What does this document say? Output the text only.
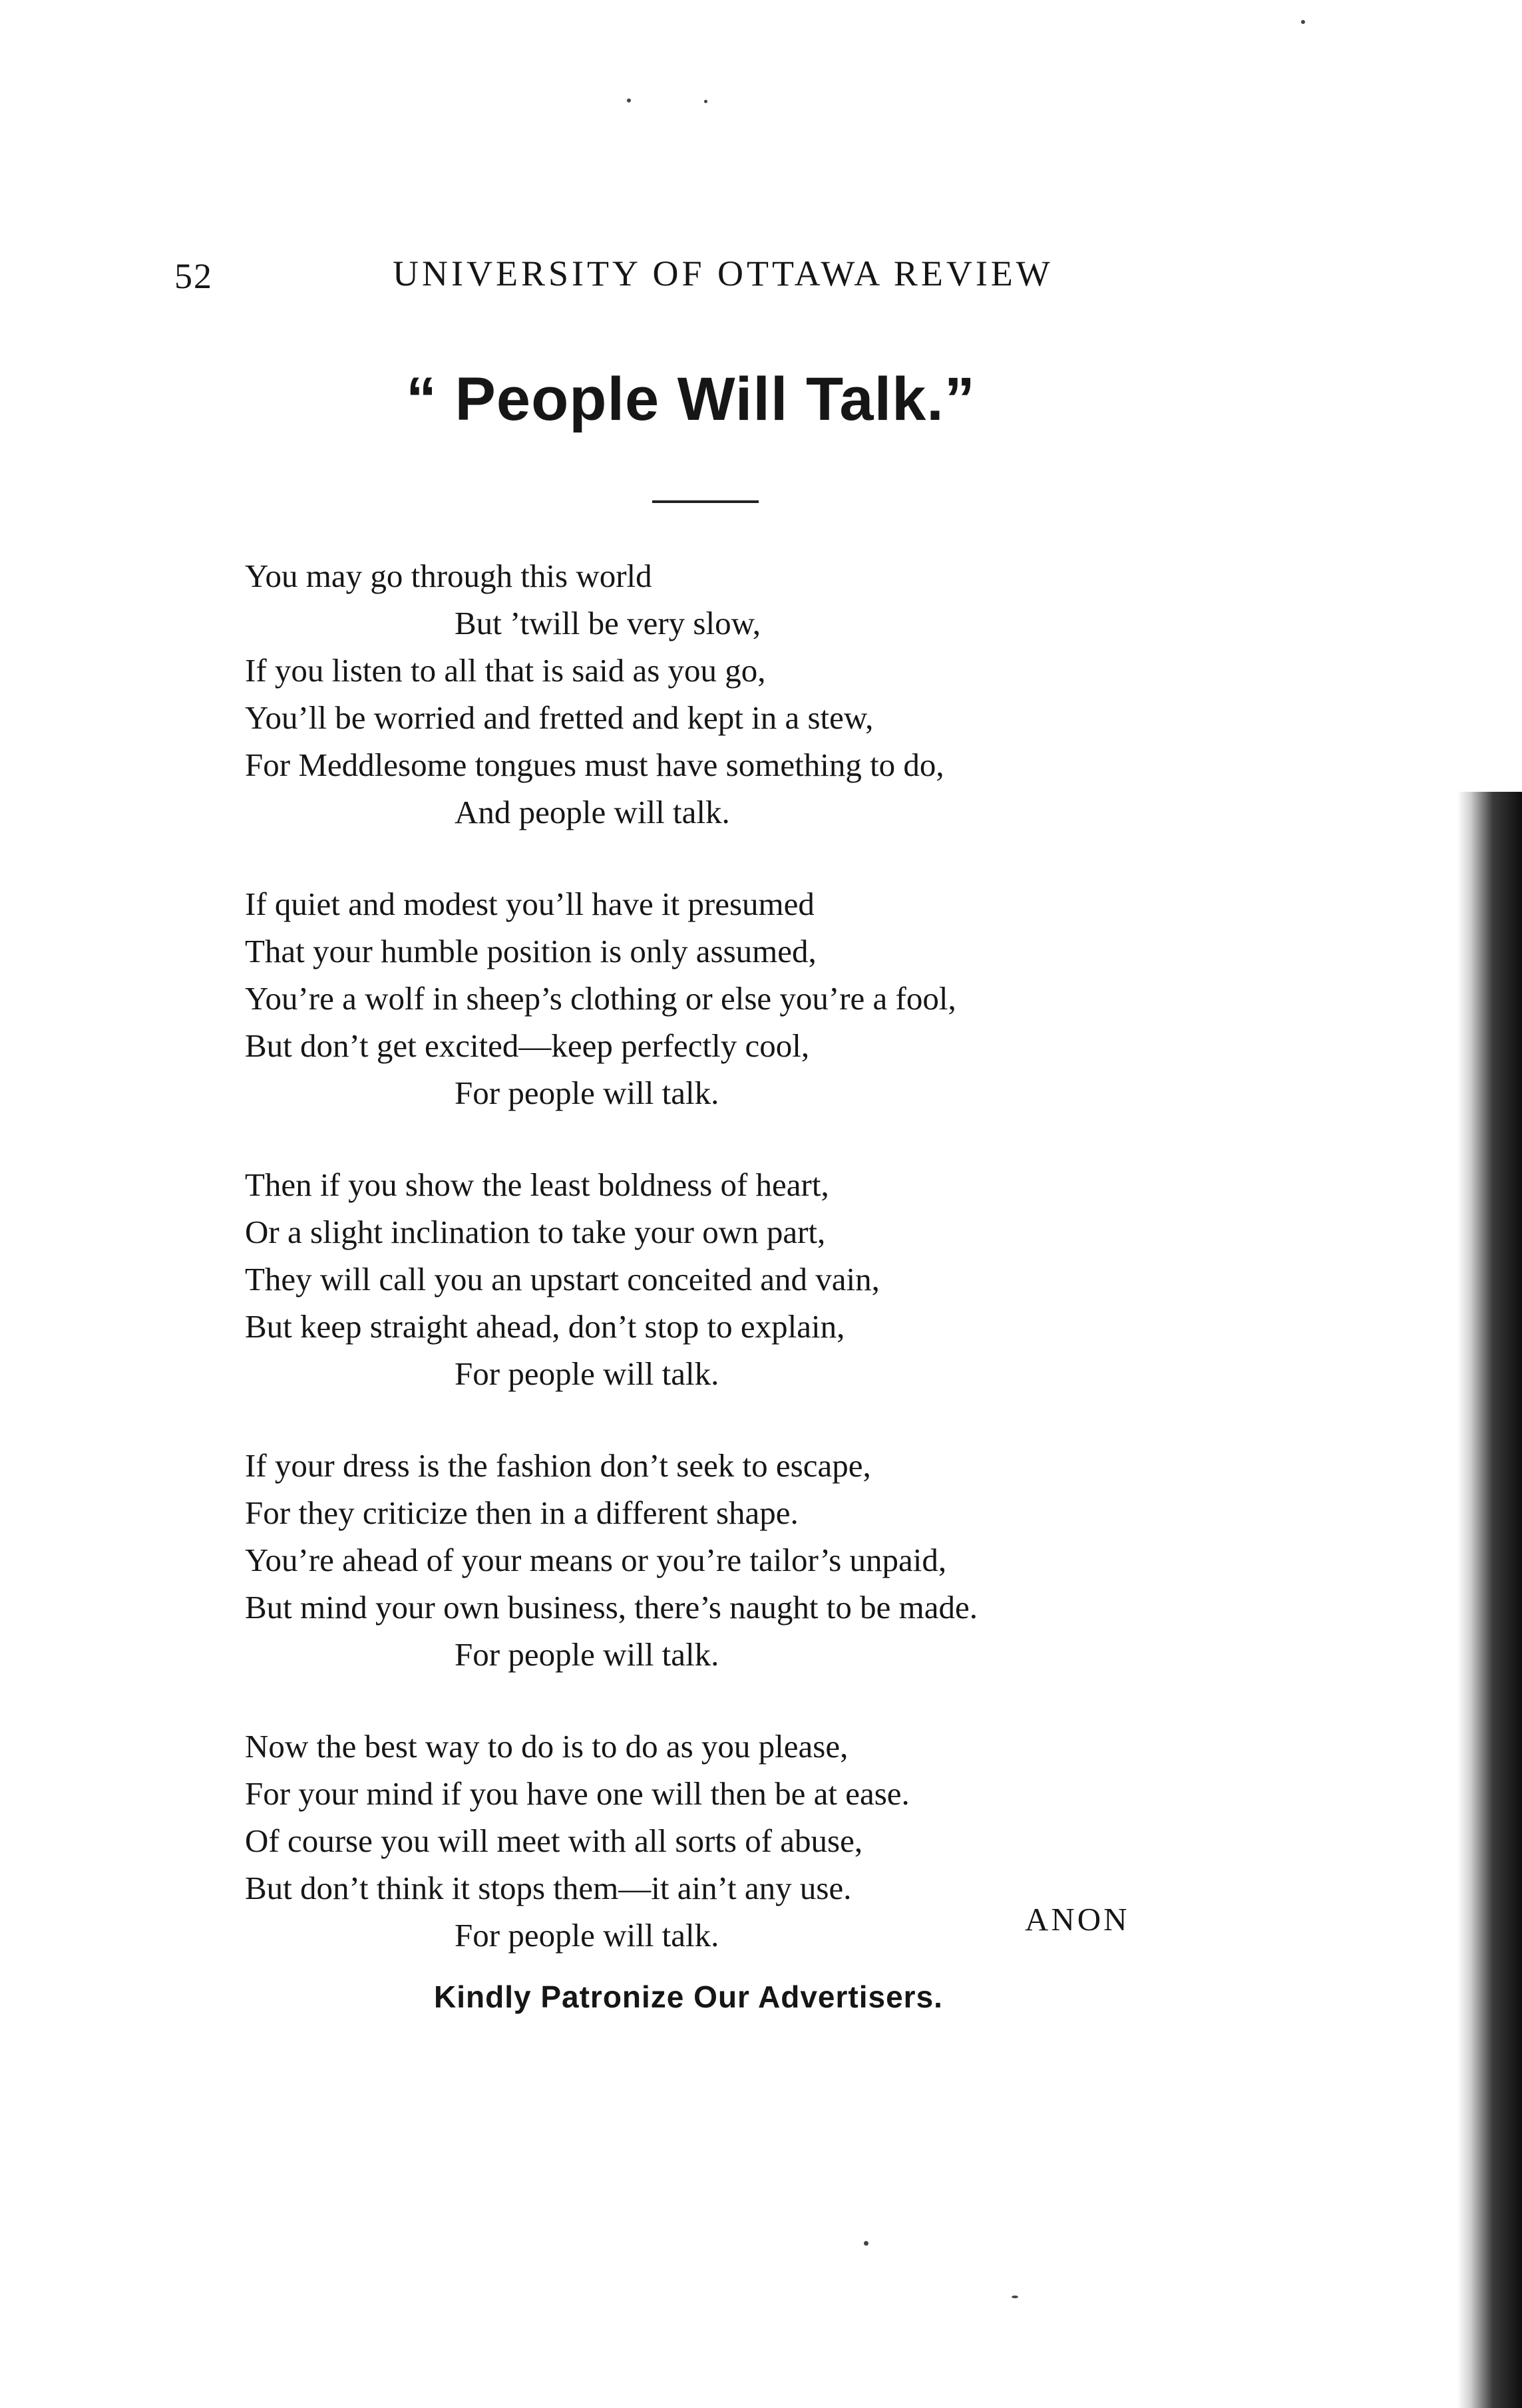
52	UNIVERSITY OF OTTAWA REVIEW
“ People Will Talk.”
You may go through this world
But ’twill be very slow,
If you listen to all that is said as you go,
You’ll be worried and fretted and kept in a stew,
For Meddlesome tongues must have something to do,
And people will talk.
If quiet and modest you’ll have it presumed
That your humble position is only assumed,
You’re a wolf in sheep’s clothing or else you’re a fool,
But don’t get excited—keep perfectly cool,
For people will talk.
Then if you show the least boldness of heart,
Or a slight inclination to take your own part,
They will call you an upstart conceited and vain,
But keep straight ahead, don’t stop to explain,
For people will talk.
If your dress is the fashion don’t seek to escape,
For they criticize then in a different shape.
You’re ahead of your means or you’re tailor’s unpaid,
But mind your own business, there’s naught to be made.
For people will talk.
Now the best way to do is to do as you please,
For your mind if you have one will then be at ease.
Of course you will meet with all sorts of abuse,
But don’t think it stops them—it ain’t any use.
For people will talk.	ANON
Kindly Patronize Our Advertisers.
